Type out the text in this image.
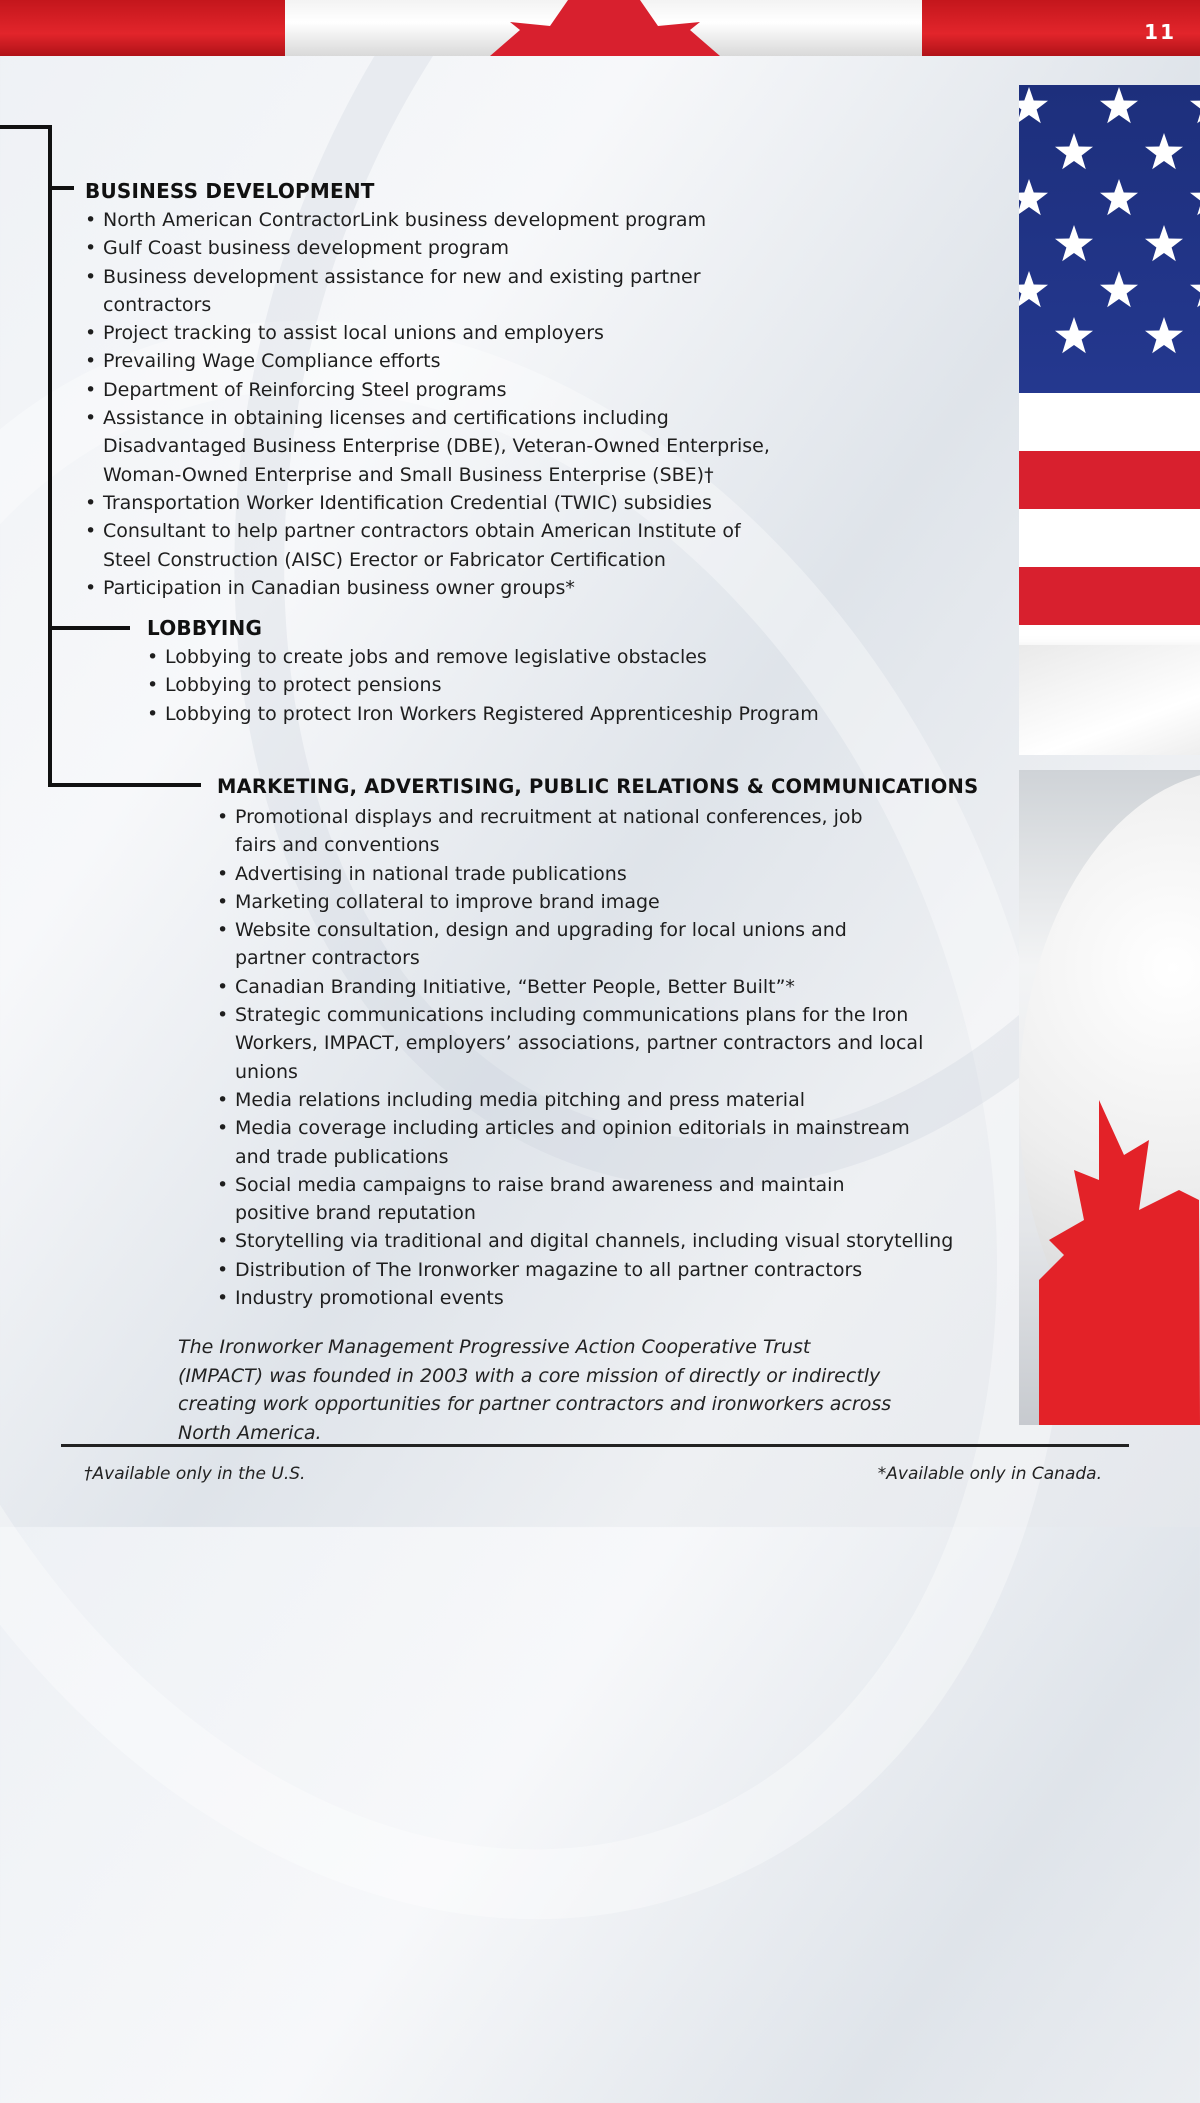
11
BUSINESS DEVELOPMENT
• North American ContractorLink business development program
• Gulf Coast business development program
• Business development assistance for new and existing partner contractors
• Project tracking to assist local unions and employers
• Prevailing Wage Compliance efforts
• Department of Reinforcing Steel programs
• Assistance in obtaining licenses and certifications including Disadvantaged Business Enterprise (DBE), Veteran-Owned Enterprise, Woman-Owned Enterprise and Small Business Enterprise (SBE)†
• Transportation Worker Identification Credential (TWIC) subsidies
• Consultant to help partner contractors obtain American Institute of Steel Construction (AISC) Erector or Fabricator Certification
• Participation in Canadian business owner groups*
LOBBYING
• Lobbying to create jobs and remove legislative obstacles
• Lobbying to protect pensions
• Lobbying to protect Iron Workers Registered Apprenticeship Program
MARKETING, ADVERTISING, PUBLIC RELATIONS & COMMUNICATIONS
• Promotional displays and recruitment at national conferences, job fairs and conventions
• Advertising in national trade publications
• Marketing collateral to improve brand image
• Website consultation, design and upgrading for local unions and partner contractors
• Canadian Branding Initiative, “Better People, Better Built”*
• Strategic communications including communications plans for the Iron Workers, IMPACT, employers’ associations, partner contractors and local unions
• Media relations including media pitching and press material
• Media coverage including articles and opinion editorials in mainstream and trade publications
• Social media campaigns to raise brand awareness and maintain positive brand reputation
• Storytelling via traditional and digital channels, including visual storytelling
• Distribution of The Ironworker magazine to all partner contractors
• Industry promotional events

The Ironworker Management Progressive Action Cooperative Trust (IMPACT) was founded in 2003 with a core mission of directly or indirectly creating work opportunities for partner contractors and ironworkers across North America.

†Available only in the U.S.	*Available only in Canada.
